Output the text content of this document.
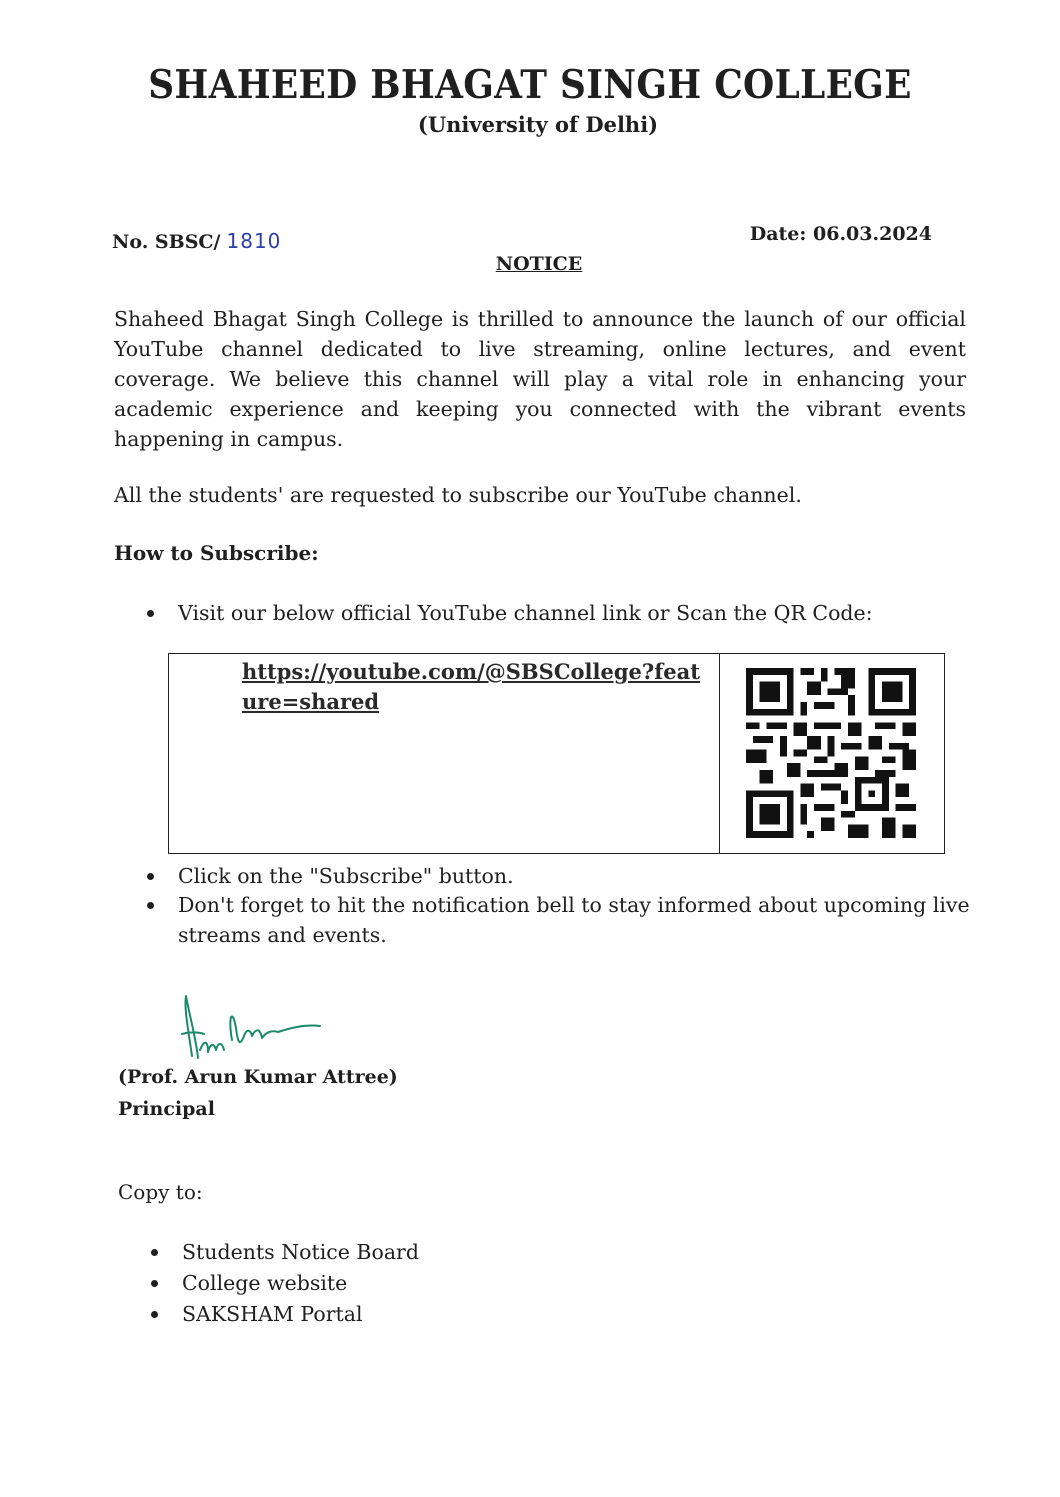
SHAHEED BHAGAT SINGH COLLEGE
(University of Delhi)
No. SBSC/ 1810	Date: 06.03.2024
NOTICE
Shaheed Bhagat Singh College is thrilled to announce the launch of our official YouTube channel dedicated to live streaming, online lectures, and event coverage. We believe this channel will play a vital role in enhancing your academic experience and keeping you connected with the vibrant events happening in campus.
All the students' are requested to subscribe our YouTube channel.
How to Subscribe:
Visit our below official YouTube channel link or Scan the QR Code:
https://youtube.com/@SBSCollege?feature=shared
Click on the "Subscribe" button.
Don't forget to hit the notification bell to stay informed about upcoming live streams and events.
(Prof. Arun Kumar Attree)
Principal
Copy to:
Students Notice Board
College website
SAKSHAM Portal
